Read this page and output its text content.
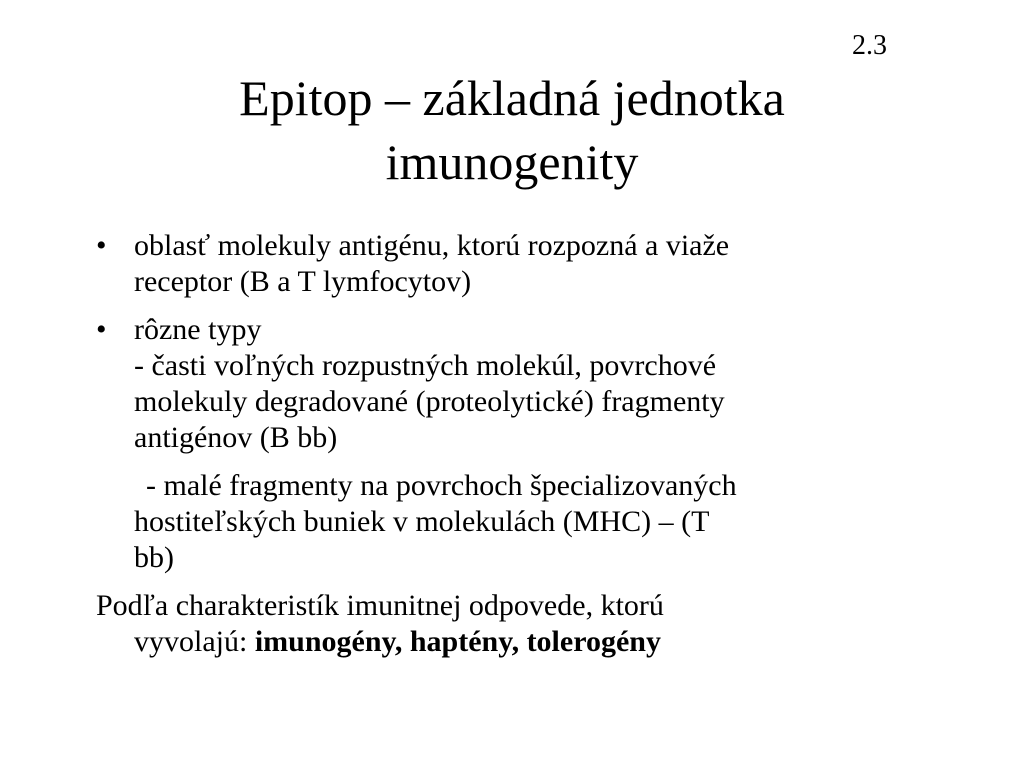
2.3
Epitop – základná jednotka
imunogenity
• oblasť molekuly antigénu, ktorú rozpozná a viaže
receptor (B a T lymfocytov)
• rôzne typy
- časti voľných rozpustných molekúl, povrchové
molekuly degradované (proteolytické) fragmenty
antigénov (B bb)
- malé fragmenty na povrchoch špecializovaných
hostiteľských buniek v molekulách (MHC) – (T
bb)
Podľa charakteristík imunitnej odpovede, ktorú
vyvolajú: imunogény, haptény, tolerogény
